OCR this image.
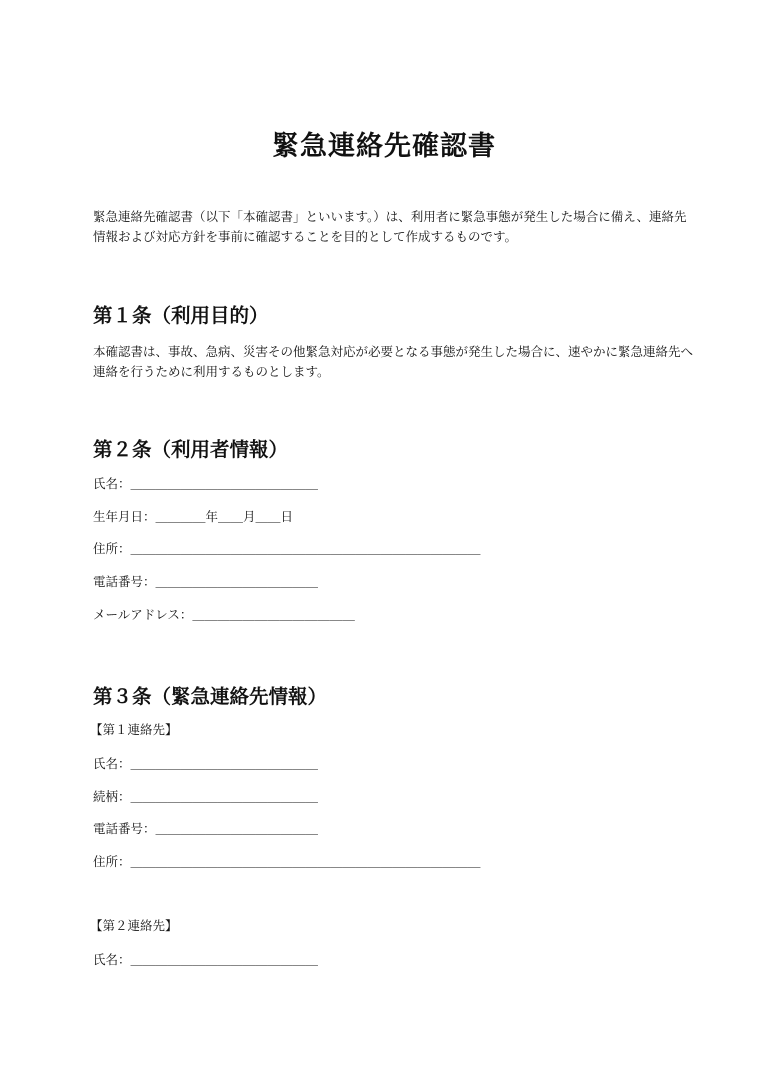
緊急連絡先確認書

緊急連絡先確認書（以下「本確認書」といいます。）は、利用者に緊急事態が発生した場合に備え、連絡先情報および対応方針を事前に確認することを目的として作成するものです。

第１条（利用目的）

本確認書は、事故、急病、災害その他緊急対応が必要となる事態が発生した場合に、速やかに緊急連絡先へ連絡を行うために利用するものとします。

第２条（利用者情報）

氏名：＿＿＿＿＿＿＿＿＿＿＿＿＿＿＿

生年月日：＿＿＿＿年＿＿月＿＿日

住所：＿＿＿＿＿＿＿＿＿＿＿＿＿＿＿＿＿＿＿＿＿＿＿＿＿＿＿＿

電話番号：＿＿＿＿＿＿＿＿＿＿＿＿＿

メールアドレス：＿＿＿＿＿＿＿＿＿＿＿＿＿

第３条（緊急連絡先情報）

【第１連絡先】

氏名：＿＿＿＿＿＿＿＿＿＿＿＿＿＿＿

続柄：＿＿＿＿＿＿＿＿＿＿＿＿＿＿＿

電話番号：＿＿＿＿＿＿＿＿＿＿＿＿＿

住所：＿＿＿＿＿＿＿＿＿＿＿＿＿＿＿＿＿＿＿＿＿＿＿＿＿＿＿＿

【第２連絡先】

氏名：＿＿＿＿＿＿＿＿＿＿＿＿＿＿＿
